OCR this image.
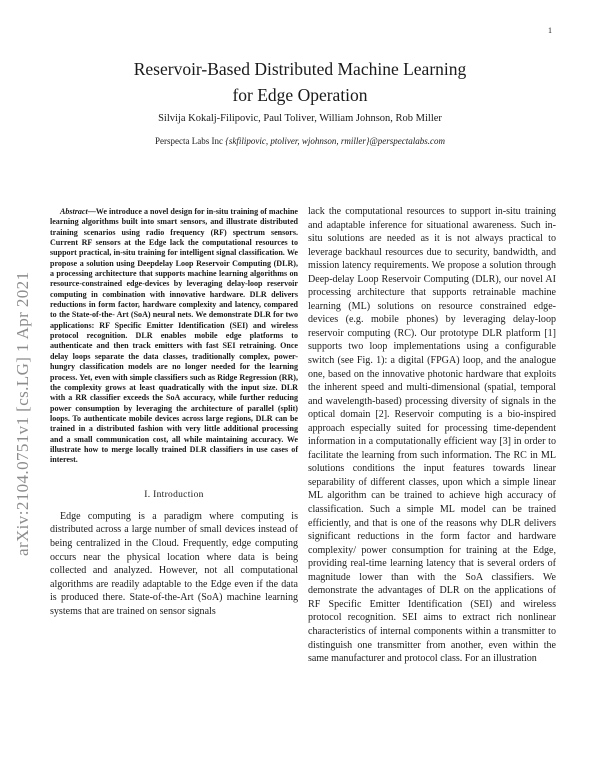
1
arXiv:2104.0751v1 [cs.LG] 1 Apr 2021
Reservoir-Based Distributed Machine Learning
for Edge Operation
Silvija Kokalj-Filipovic, Paul Toliver, William Johnson, Rob Miller
Perspecta Labs Inc {skfilipovic, ptoliver, wjohnson, rmiller}@perspectalabs.com

Abstract—We introduce a novel design for in-situ training of machine learning algorithms built into smart sensors, and illustrate distributed training scenarios using radio frequency (RF) spectrum sensors. Current RF sensors at the Edge lack the computational resources to support practical, in-situ training for intelligent signal classification. We propose a solution using Deepdelay Loop Reservoir Computing (DLR), a processing architecture that supports machine learning algorithms on resource-constrained edge-devices by leveraging delay-loop reservoir computing in combination with innovative hardware. DLR delivers reductions in form factor, hardware complexity and latency, compared to the State-of-the- Art (SoA) neural nets. We demonstrate DLR for two applications: RF Specific Emitter Identification (SEI) and wireless protocol recognition. DLR enables mobile edge platforms to authenticate and then track emitters with fast SEI retraining. Once delay loops separate the data classes, traditionally complex, power-hungry classification models are no longer needed for the learning process. Yet, even with simple classifiers such as Ridge Regression (RR), the complexity grows at least quadratically with the input size. DLR with a RR classifier exceeds the SoA accuracy, while further reducing power consumption by leveraging the architecture of parallel (split) loops. To authenticate mobile devices across large regions, DLR can be trained in a distributed fashion with very little additional processing and a small communication cost, all while maintaining accuracy. We illustrate how to merge locally trained DLR classifiers in use cases of interest.

I. Introduction

Edge computing is a paradigm where computing is distributed across a large number of small devices instead of being centralized in the Cloud. Frequently, edge computing occurs near the physical location where data is being collected and analyzed. However, not all computational algorithms are readily adaptable to the Edge even if the data is produced there. State-of-the-Art (SoA) machine learning systems that are trained on sensor signals

lack the computational resources to support in-situ training and adaptable inference for situational awareness. Such in-situ solutions are needed as it is not always practical to leverage backhaul resources due to security, bandwidth, and mission latency requirements. We propose a solution through Deep-delay Loop Reservoir Computing (DLR), our novel AI processing architecture that supports retrainable machine learning (ML) solutions on resource constrained edge-devices (e.g. mobile phones) by leveraging delay-loop reservoir computing (RC). Our prototype DLR platform [1] supports two loop implementations using a configurable switch (see Fig. 1): a digital (FPGA) loop, and the analogue one, based on the innovative photonic hardware that exploits the inherent speed and multi-dimensional (spatial, temporal and wavelength-based) processing diversity of signals in the optical domain [2]. Reservoir computing is a bio-inspired approach especially suited for processing time-dependent information in a computationally efficient way [3] in order to facilitate the learning from such information. The RC in ML solutions conditions the input features towards linear separability of different classes, upon which a simple linear ML algorithm can be trained to achieve high accuracy of classification. Such a simple ML model can be trained efficiently, and that is one of the reasons why DLR delivers significant reductions in the form factor and hardware complexity/ power consumption for training at the Edge, providing real-time learning latency that is several orders of magnitude lower than with the SoA classifiers. We demonstrate the advantages of DLR on the applications of RF Specific Emitter Identification (SEI) and wireless protocol recognition. SEI aims to extract rich nonlinear characteristics of internal components within a transmitter to distinguish one transmitter from another, even within the same manufacturer and protocol class. For an illustration
